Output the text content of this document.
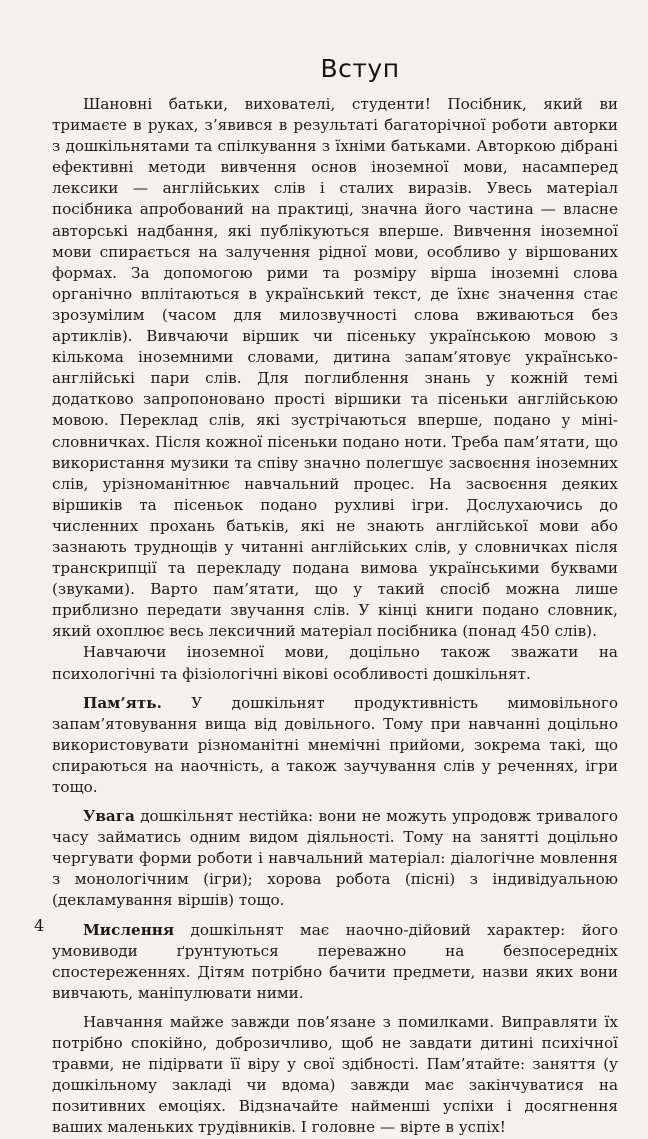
Вступ

Шановні батьки, вихователі, студенти! Посібник, який ви тримаєте в руках, з’явився в результаті багаторічної роботи авторки з дошкільнятами та спілкування з їхніми батьками. Авторкою дібрані ефективні методи вивчення основ іноземної мови, насамперед лексики — англійських слів і сталих виразів. Увесь матеріал посібника апробований на практиці, значна його частина — власне авторські надбання, які публікуються вперше. Вивчення іноземної мови спирається на залучення рідної мови, особливо у віршованих формах. За допомогою рими та розміру вірша іноземні слова органічно вплітаються в український текст, де їхнє значення стає зрозумілим (часом для милозвучності слова вживаються без артиклів). Вивчаючи віршик чи пісеньку українською мовою з кількома іноземними словами, дитина запам’ятовує українсько-англійські пари слів. Для поглиблення знань у кожній темі додатково запропоновано прості віршики та пісеньки англійською мовою. Переклад слів, які зустрічаються вперше, подано у міні-словничках. Після кожної пісеньки подано ноти. Треба пам’ятати, що використання музики та співу значно полегшує засвоєння іноземних слів, урізноманітнює навчальний процес. На засвоєння деяких віршиків та пісеньок подано рухливі ігри. Дослухаючись до численних прохань батьків, які не знають англійської мови або зазнають труднощів у читанні англійських слів, у словничках після транскрипції та перекладу подана вимова українськими буквами (звуками). Варто пам’ятати, що у такий спосіб можна лише приблизно передати звучання слів. У кінці книги подано словник, який охоплює весь лексичний матеріал посібника (понад 450 слів).

Навчаючи іноземної мови, доцільно також зважати на психологічні та фізіологічні вікові особливості дошкільнят.

Пам’ять. У дошкільнят продуктивність мимовільного запам’ятовування вища від довільного. Тому при навчанні доцільно використовувати різноманітні мнемічні прийоми, зокрема такі, що спираються на наочність, а також заучування слів у реченнях, ігри тощо.

Увага дошкільнят нестійка: вони не можуть упродовж тривалого часу займатись одним видом діяльності. Тому на занятті доцільно чергувати форми роботи і навчальний матеріал: діалогічне мовлення з монологічним (ігри); хорова робота (пісні) з індивідуальною (декламування віршів) тощо.

Мислення дошкільнят має наочно-дійовий характер: його умовиводи ґрунтуються переважно на безпосередніх спостереженнях. Дітям потрібно бачити предмети, назви яких вони вивчають, маніпулювати ними.

Навчання майже завжди пов’язане з помилками. Виправляти їх потрібно спокійно, доброзичливо, щоб не завдати дитині психічної травми, не підірвати її віру у свої здібності. Пам’ятайте: заняття (у дошкільному закладі чи вдома) завжди має закінчуватися на позитивних емоціях. Відзначайте найменші успіхи і досягнення ваших маленьких трудівників. І головне — вірте в успіх!

4
